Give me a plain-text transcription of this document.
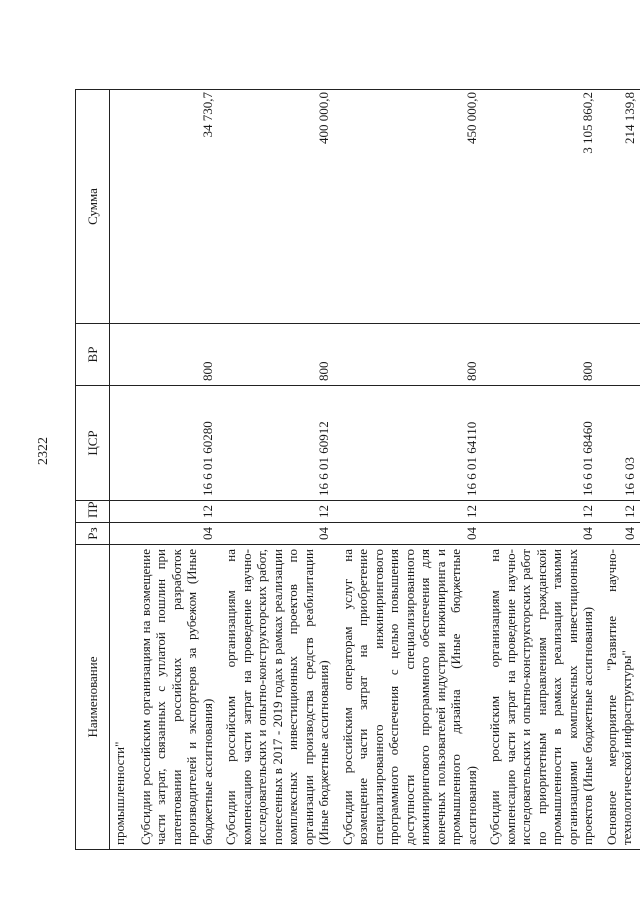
2322
Наименование	Рз	ПР	ЦСР	ВР	Сумма
промышленности"					
Субсидии российским организациям на возмещение части затрат, связанных с уплатой пошлин при патентовании российских разработок производителей и экспортеров за рубежом (Иные бюджетные ассигнования)	04	12	16 6 01 60280	800	34 730,7
Субсидии российским организациям на компенсацию части затрат на проведение научно-исследовательских и опытно-конструкторских работ, понесенных в 2017 - 2019 годах в рамках реализации комплексных инвестиционных проектов по организации производства средств реабилитации (Иные бюджетные ассигнования)	04	12	16 6 01 60912	800	400 000,0
Субсидии российским операторам услуг на возмещение части затрат на приобретение специализированного инжинирингового программного обеспечения с целью повышения доступности специализированного инжинирингового программного обеспечения для конечных пользователей индустрии инжиниринга и промышленного дизайна (Иные бюджетные ассигнования)	04	12	16 6 01 64110	800	450 000,0
Субсидии российским организациям на компенсацию части затрат на проведение научно-исследовательских и опытно-конструкторских работ по приоритетным направлениям гражданской промышленности в рамках реализации такими организациями комплексных инвестиционных проектов (Иные бюджетные ассигнования)	04	12	16 6 01 68460	800	3 105 860,2
Основное мероприятие "Развитие научно-технологической инфраструктуры"	04	12	16 6 03		214 139,8
